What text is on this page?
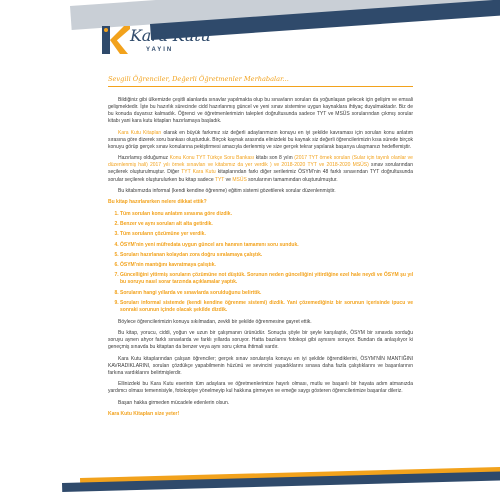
Kara Kutu
YAYIN
Sevgili Öğrenciler, Değerli Öğretmenler Merhabalar...

Bildiğiniz gibi ülkemizde çeşitli alanlarda sınavlar yapılmakta olup bu sınavların soruları da yoğunlaşan gelecek için gelişim ve emsali gelişmektedir. İşte bu hazırlık sürecinde cidd hazırlanmış güncel ve yeni sınav sistemine uygun kaynaklara ihtiyaç duyulmaktadır. Biz de bu konuda duyarsız kalmadık. Öğrenci ve öğretmenlerimizin talepleri doğrultusunda sadece TYT ve MSÜS sorularından çıkmış sorular kitabı yani kara kutu kitapları hazırlamaya başladık.

Kara Kutu Kitapları olarak en büyük farkımız siz değerli adaylarımızın konuyu en iyi şekilde kavraması için soruları konu anlatım sırasına göre dizerek soru bankası oluşturduk. Birçok kaynak arasında elinizdeki bu kaynak siz değerli öğrencilerimizin kısa sürede birçok konuyu görüp gerçek sınav konularına pekiştirmesi amacıyla derlenmiş ve size gerçek tekrar yapılarak başarıya ulaşmanızı hedeflemiştir.

Hazırlamış olduğumuz Konu Konu TYT Türkçe Soru Bankası kitabı son 8 yılın (2017 TYT örnek soruları (Sular için tayınlı olanlar ve düzenlenmiş hali) 2017 yılı örnek sınavları ve kitabımız da yer verdik ) ve 2018-2020 TYT ve 2018-2020 MSÜS) sınav sorularından seçilerek oluşturulmuştur. Diğer TYT Kara Kutu kitaplarından farkı diğer serilerimiz ÖSYM’nin 48 farklı sınavından TYT doğrultusunda sorular seçilerek oluşturulurken bu kitap sadece TYT ve MSÜS sorularının tamamından oluşturulmuştur.

Bu kitabımızda informal (kendi kendine öğrenme) eğitim sistemi gözetilerek sorular düzenlenmiştir.

Bu kitap hazırlanırken nelere dikkat ettik?

1. Tüm soruları konu anlatım sırasına göre dizdik.
2. Benzer ve aynı soruları alt alta getirdik.
3. Tüm soruların çözümüne yer verdik.
4. ÖSYM’nin yeni müfredata uygun güncel ars hanının tamamını soru sunduk.
5. Soruları hazırlanan kolaydan zora doğru sıralamaya çalıştık.
6. ÖSYM’nin mantığını kavratmaya çalıştık.
7. Güncelliğini yitirmiş soruların çözümüne not düştük. Sorunun neden güncelliğini yitirdiğine ezel hale neydi ve ÖSYM şu yıl bu soruyu nasıl sorar tarzında açıklamalar yaptık.
8. Soruların hangi yıllarda ve sınavlarda sorulduğunu belirttik.
9. Soruları informal sistemde (kendi kendine öğrenme sistemi) dizdik. Yani çözemediğiniz bir sorunun içerisinde ipucu ve sonraki sorunun içinde olacak şekilde dizdik.

Böylece öğrencilerimizin konuyu sıkılmadan, zevkli bir şekilde öğrenmesine gayret ettik.

Bu kitap, yorucu, ciddi, yoğun ve uzun bir çalışmanın ürünüdür. Sonuçta şöyle bir şeyle karşılaştık, ÖSYM bir sınavda sorduğu soruyu aynen ahyor farklı sınavlarda ve farklı yıllarda soruyor. Hatta bazılarını fotokopi gibi aynısını soruyor. Bundan da anlaşılıyor ki geneçmiş sınavda bu kitaptan da benzer veya aynı soru çıkma ihtimali vardır.

Kara Kutu kitaplarından çalışan öğrenciler; gerçek sınav sorularıyla konuyu en iyi şekilde öğrendiklerini, ÖSYM’NİN MANTIĞINI KAVRADIKLARINI, soruları çözdükçe yapabilmenin hüzünü ve sevincini yaşadıklarını sınava daha fazla çalıştıklarını ve başarılarının farkına vardıklarını belirtmişlerdir.

Ellinizdeki bu Kara Kutu eserinin tüm adaylara ve öğretmenlerimize hayırlı olması, mutlu ve başarılı bir hayata adım atmanızda yardımcı olması temennisiyle, fotokopiye yönelmeyip kul hakkına girmeyen ve emeğe saygı gösteren öğrencilerimize başarılar dileriz.

Başarı hakka girmeden mücadele edenlerin olsun.

Kara Kutu Kitapları size yeter!
